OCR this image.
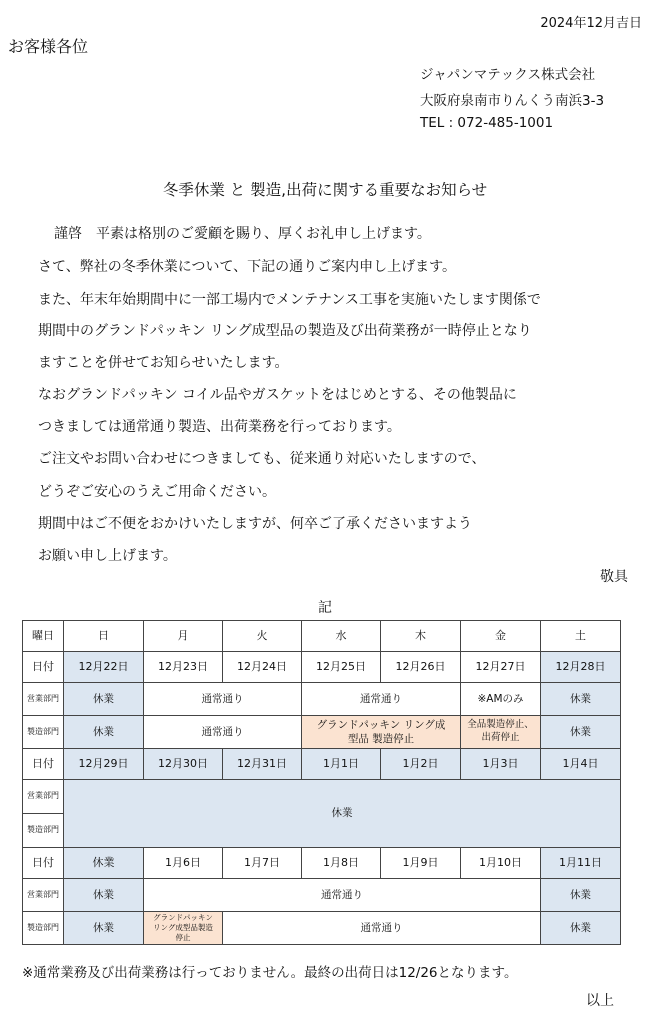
2024年12月吉日
お客様各位
ジャパンマテックス株式会社
大阪府泉南市りんくう南浜3-3
TEL : 072-485-1001
冬季休業 と 製造,出荷に関する重要なお知らせ
　謹啓　平素は格別のご愛顧を賜り、厚くお礼申し上げます。
さて、弊社の冬季休業について、下記の通りご案内申し上げます。
また、年末年始期間中に一部工場内でメンテナンス工事を実施いたします関係で
期間中のグランドパッキン リング成型品の製造及び出荷業務が一時停止となり
ますことを併せてお知らせいたします。
なおグランドパッキン コイル品やガスケットをはじめとする、その他製品に
つきましては通常通り製造、出荷業務を行っております。
ご注文やお問い合わせにつきましても、従来通り対応いたしますので、
どうぞご安心のうえご用命ください。
期間中はご不便をおかけいたしますが、何卒ご了承くださいますよう
お願い申し上げます。
敬具
記
曜日	日	月	火	水	木	金	土
日付	12月22日	12月23日	12月24日	12月25日	12月26日	12月27日	12月28日
営業部門	休業	通常通り		通常通り		※AMのみ	休業
製造部門	休業	通常通り		グランドパッキン リング成型品 製造停止		全品製造停止、出荷停止	休業
日付	12月29日	12月30日	12月31日	1月1日	1月2日	1月3日	1月4日
営業部門	休業						
製造部門							
日付	休業	1月6日	1月7日	1月8日	1月9日	1月10日	1月11日
営業部門	休業	通常通り					休業
製造部門	休業	グランドパッキン リング成型品製造停止	通常通り				休業
※通常業務及び出荷業務は行っておりません。最終の出荷日は12/26となります。
以上
